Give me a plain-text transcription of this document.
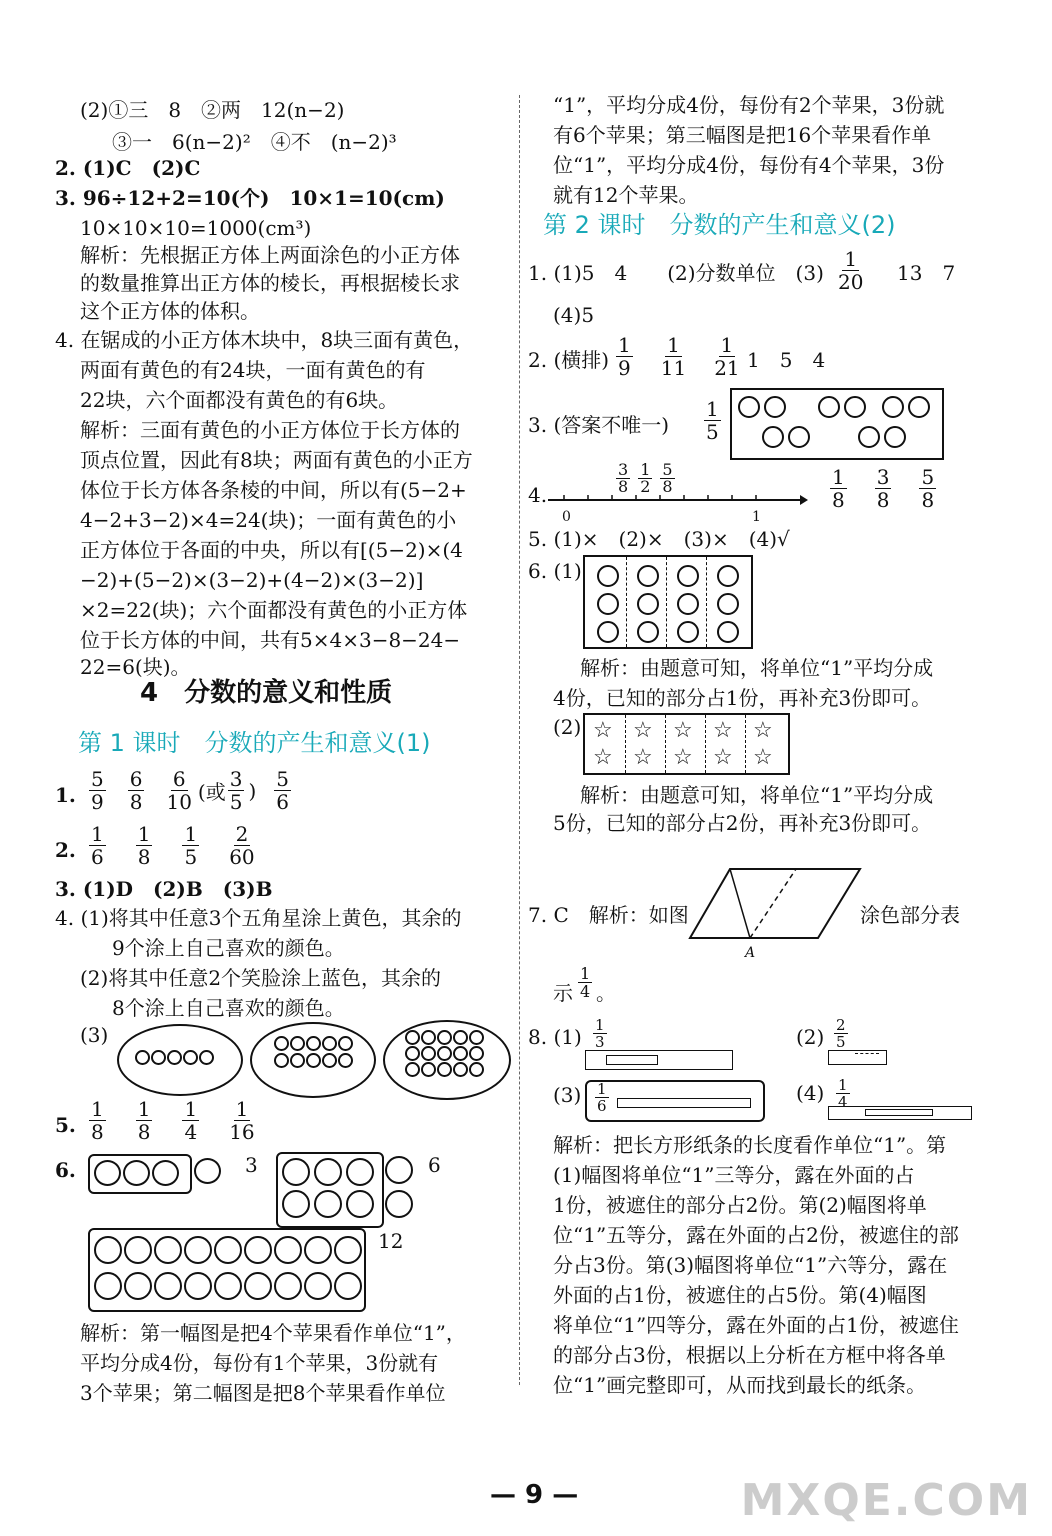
(2)①三　8　②两　12(n−2)
③一　6(n−2)²　④不　(n−2)³
2. (1)C　(2)C
3. 96÷12+2=10(个)　10×1=10(cm)
10×10×10=1000(cm³)
解析：先根据正方体上两面涂色的小正方体
的数量推算出正方体的棱长，再根据棱长求
这个正方体的体积。
4. 在锯成的小正方体木块中，8块三面有黄色，
两面有黄色的有24块，一面有黄色的有
22块，六个面都没有黄色的有6块。
解析：三面有黄色的小正方体位于长方体的
顶点位置，因此有8块；两面有黄色的小正方
体位于长方体各条棱的中间，所以有(5−2+
4−2+3−2)×4=24(块)；一面有黄色的小
正方体位于各面的中央，所以有[(5−2)×(4
−2)+(5−2)×(3−2)+(4−2)×(3−2)]
×2=22(块)；六个面都没有黄色的小正方体
位于长方体的中间，共有5×4×3−8−24−
22=6(块)。
4　分数的意义和性质
第 1 课时　分数的产生和意义(1)
1. $\frac{5}{9} \frac{6}{8} \frac{6}{10}$ (或 $\frac{3}{5}$ ) $\frac{5}{6}$
2. $\frac{1}{6} \frac{1}{8} \frac{1}{5} \frac{2}{60}$
3. (1)D　(2)B　(3)B
4. (1)将其中任意3个五角星涂上黄色，其余的
9个涂上自己喜欢的颜色。
(2)将其中任意2个笑脸涂上蓝色，其余的
8个涂上自己喜欢的颜色。
(3)
5. $\frac{1}{8} \frac{1}{8} \frac{1}{4} \frac{1}{16}$
6.	3	6
12
解析：第一幅图是把4个苹果看作单位“1”，
平均分成4份，每份有1个苹果，3份就有
3个苹果；第二幅图是把8个苹果看作单位
“1”，平均分成4份，每份有2个苹果，3份就
有6个苹果；第三幅图是把16个苹果看作单
位“1”，平均分成4份，每份有4个苹果，3份
就有12个苹果。
第 2 课时　分数的产生和意义(2)
1. (1)5　4　　(2)分数单位　$(3) \frac{1}{20} 13$　7
(4)5
2. (横排) $\frac{1}{9} \frac{1}{11} \frac{1}{21} 1$　5　4
3. (答案不唯一) $\frac{1}{5}$
4.	$\frac{3}{8} \frac{1}{2} \frac{5}{8}$
0	1
$\frac{1}{8} \frac{3}{8} \frac{5}{8}$
5. (1)×　(2)×　(3)×　(4)√
6. (1)
解析：由题意可知，将单位“1”平均分成
4份，已知的部分占1份，再补充3份即可。
(2) ☆ ☆ ☆ ☆ ☆
☆ ☆ ☆ ☆ ☆
解析：由题意可知，将单位“1”平均分成
5份，已知的部分占2份，再补充3份即可。
7. C　解析：如图
A
涂色部分表
示 $\frac{1}{4}$ 。
8. $(1) \frac{1}{3}$	$(2) \frac{2}{5}$
$(3) \frac{1}{6}$	$(4) \frac{1}{4}$
解析：把长方形纸条的长度看作单位“1”。第
(1)幅图将单位“1”三等分，露在外面的占
1份，被遮住的部分占2份。第(2)幅图将单
位“1”五等分，露在外面的占2份，被遮住的部
分占3份。第(3)幅图将单位“1”六等分，露在
外面的占1份，被遮住的占5份。第(4)幅图
将单位“1”四等分，露在外面的占1份，被遮住
的部分占3份，根据以上分析在方框中将各单
位“1”画完整即可，从而找到最长的纸条。
— 9 —	MXQE.COM
